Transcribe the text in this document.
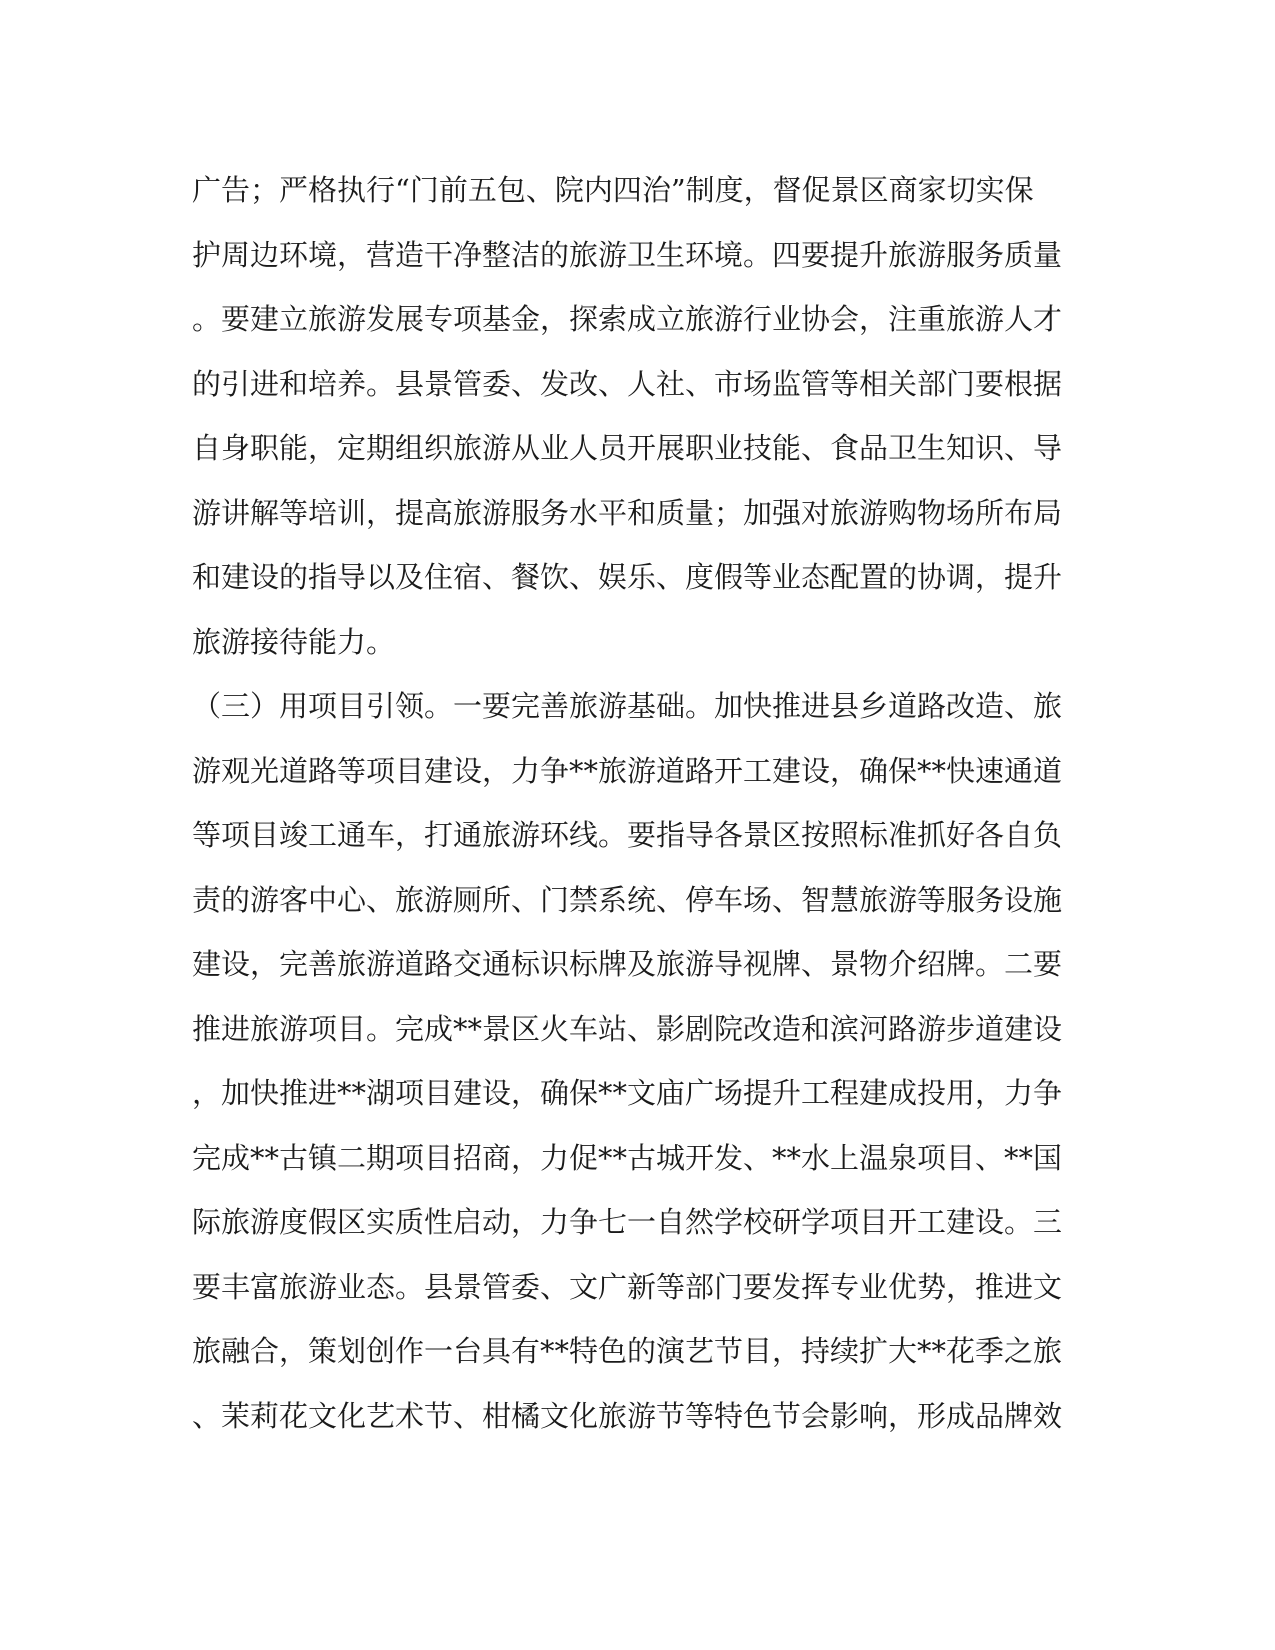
广告；严格执行“门前五包、院内四治”制度，督促景区商家切实保
护周边环境，营造干净整洁的旅游卫生环境。四要提升旅游服务质量
。要建立旅游发展专项基金，探索成立旅游行业协会，注重旅游人才
的引进和培养。县景管委、发改、人社、市场监管等相关部门要根据
自身职能，定期组织旅游从业人员开展职业技能、食品卫生知识、导
游讲解等培训，提高旅游服务水平和质量；加强对旅游购物场所布局
和建设的指导以及住宿、餐饮、娱乐、度假等业态配置的协调，提升
旅游接待能力。
（三）用项目引领。一要完善旅游基础。加快推进县乡道路改造、旅
游观光道路等项目建设，力争**旅游道路开工建设，确保**快速通道
等项目竣工通车，打通旅游环线。要指导各景区按照标准抓好各自负
责的游客中心、旅游厕所、门禁系统、停车场、智慧旅游等服务设施
建设，完善旅游道路交通标识标牌及旅游导视牌、景物介绍牌。二要
推进旅游项目。完成**景区火车站、影剧院改造和滨河路游步道建设
，加快推进**湖项目建设，确保**文庙广场提升工程建成投用，力争
完成**古镇二期项目招商，力促**古城开发、**水上温泉项目、**国
际旅游度假区实质性启动，力争七一自然学校研学项目开工建设。三
要丰富旅游业态。县景管委、文广新等部门要发挥专业优势，推进文
旅融合，策划创作一台具有**特色的演艺节目，持续扩大**花季之旅
、茉莉花文化艺术节、柑橘文化旅游节等特色节会影响，形成品牌效
